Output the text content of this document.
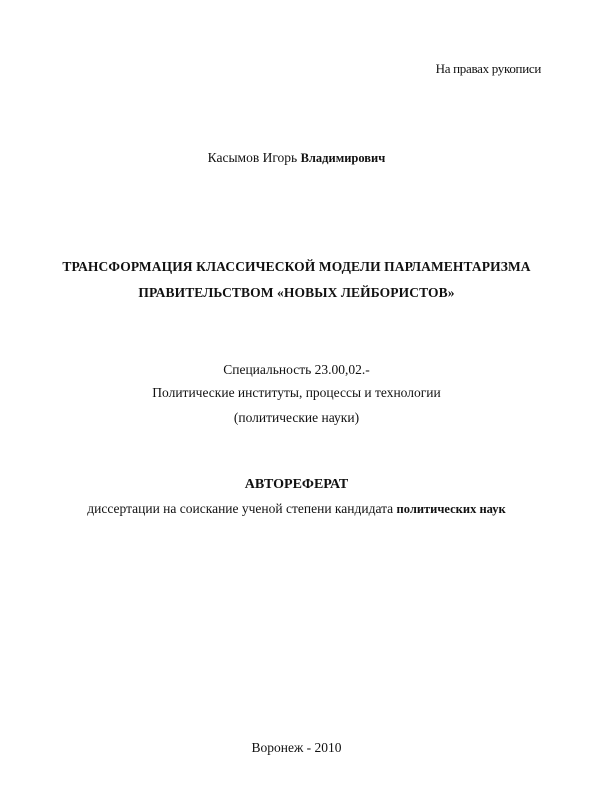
На правах рукописи
Касымов Игорь Владимирович
ТРАНСФОРМАЦИЯ КЛАССИЧЕСКОЙ МОДЕЛИ ПАРЛАМЕНТАРИЗМА
ПРАВИТЕЛЬСТВОМ «НОВЫХ ЛЕЙБОРИСТОВ»
Специальность 23.00,02.-
Политические институты, процессы и технологии
(политические науки)
АВТОРЕФЕРАТ
диссертации на соискание ученой степени кандидата политических наук
Воронеж - 2010
